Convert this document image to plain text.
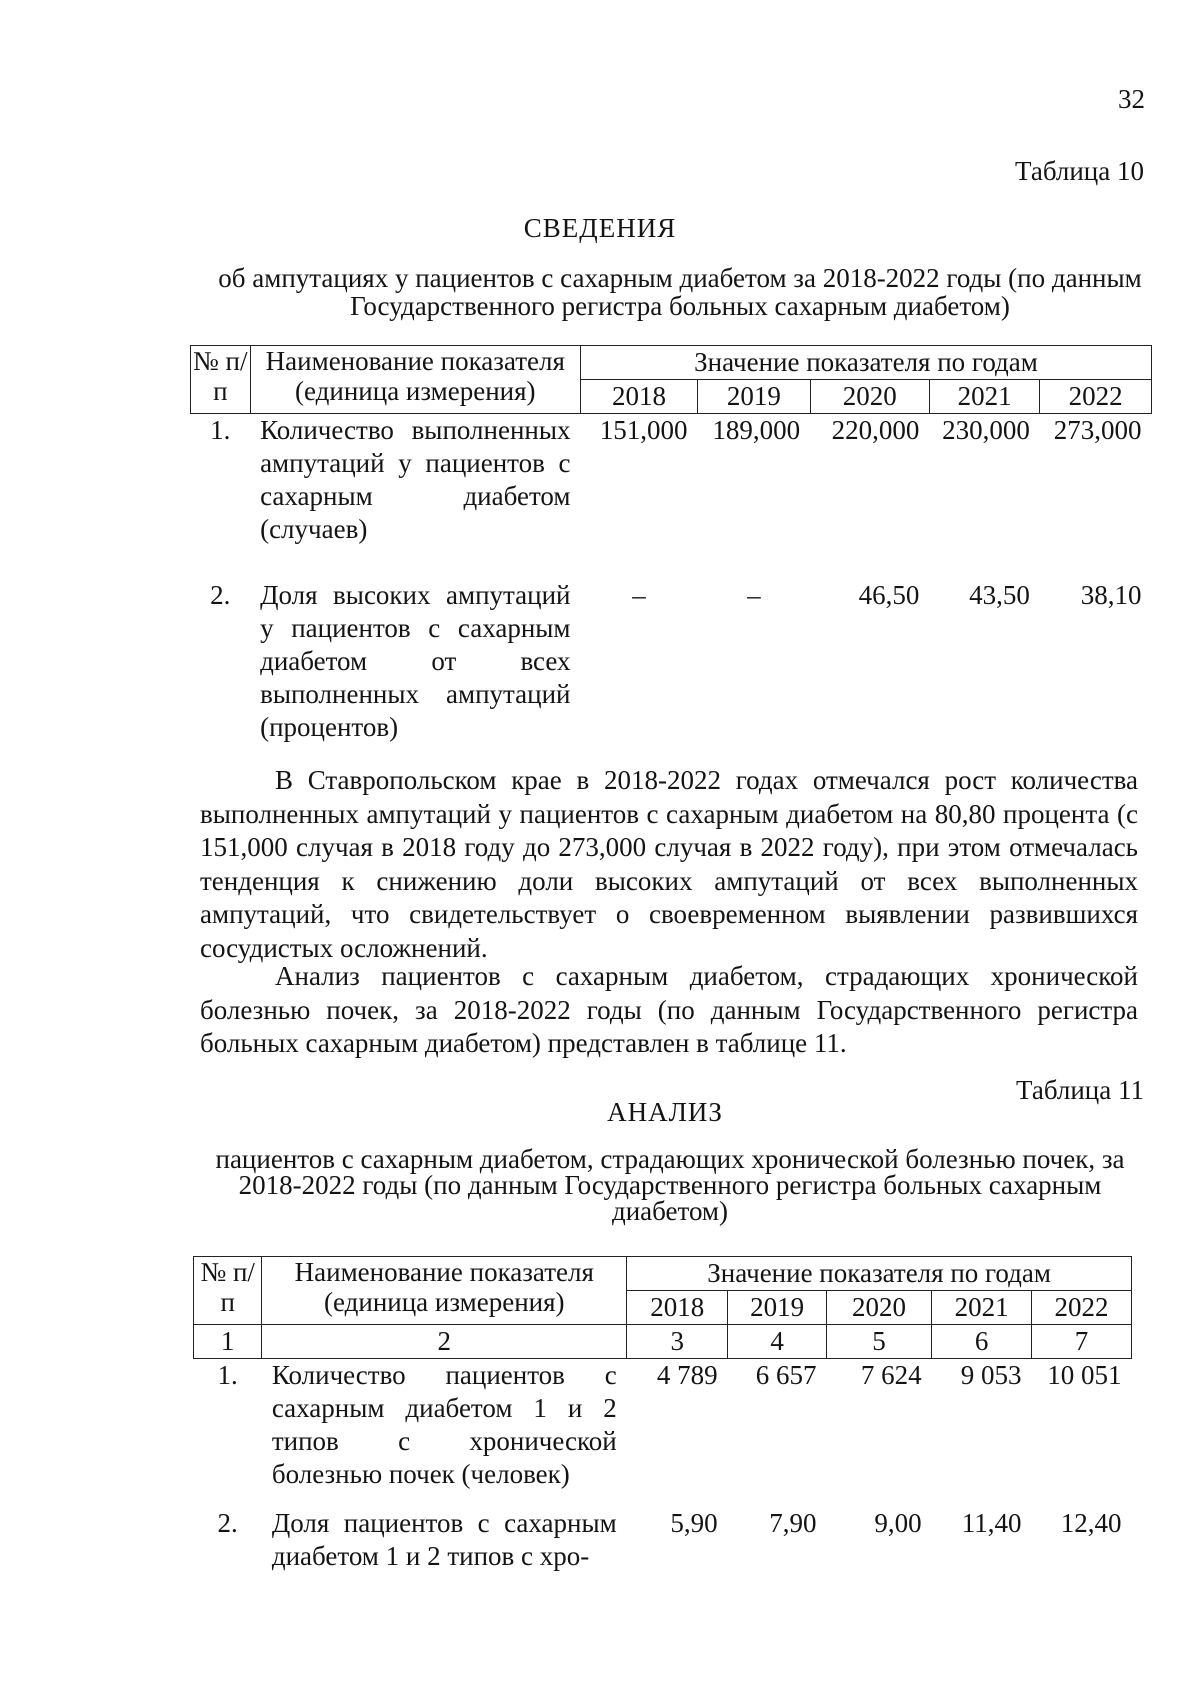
32
Таблица 10
СВЕДЕНИЯ
об ампутациях у пациентов с сахарным диабетом за 2018-2022 годы (по данным Государственного регистра больных сахарным диабетом)
№ п/п	Наименование показателя (единица измерения)	Значение показателя по годам				
		2018	2019	2020	2021	2022
1.	Количество выполненных ампутаций у пациентов с сахарным диабетом (случаев)	151,000	189,000	220,000	230,000	273,000
2.	Доля высоких ампутаций у пациентов с сахарным диабетом от всех выполненных ампутаций (процентов)	–	–	46,50	43,50	38,10
В Ставропольском крае в 2018-2022 годах отмечался рост количества выполненных ампутаций у пациентов с сахарным диабетом на 80,80 процента (с 151,000 случая в 2018 году до 273,000 случая в 2022 году), при этом отмечалась тенденция к снижению доли высоких ампутаций от всех выполненных ампутаций, что свидетельствует о своевременном выявлении развившихся сосудистых осложнений.
Анализ пациентов с сахарным диабетом, страдающих хронической болезнью почек, за 2018-2022 годы (по данным Государственного регистра больных сахарным диабетом) представлен в таблице 11.
Таблица 11
АНАЛИЗ
пациентов с сахарным диабетом, страдающих хронической болезнью почек, за 2018-2022 годы (по данным Государственного регистра больных сахарным диабетом)
№ п/п	Наименование показателя (единица измерения)	Значение показателя по годам				
		2018	2019	2020	2021	2022
1	2	3	4	5	6	7
1.	Количество пациентов с сахарным диабетом 1 и 2 типов с хронической болезнью почек (человек)	4 789	6 657	7 624	9 053	10 051
2.	Доля пациентов с сахарным диабетом 1 и 2 типов с хро-	5,90	7,90	9,00	11,40	12,40
